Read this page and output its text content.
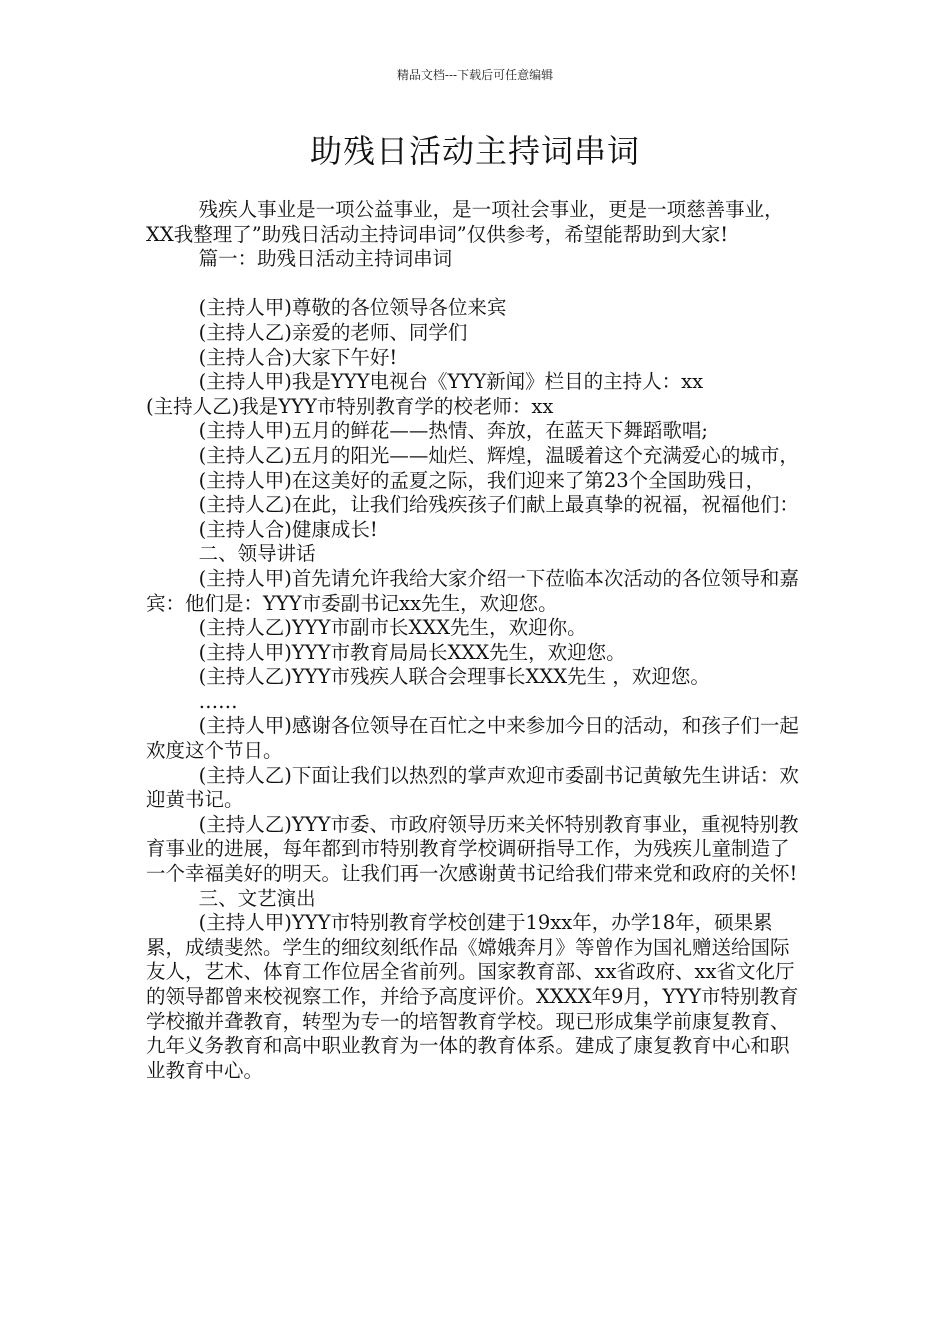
精品文档---下载后可任意编辑
助残日活动主持词串词

残疾人事业是一项公益事业，是一项社会事业，更是一项慈善事业，XX我整理了”助残日活动主持词串词”仅供参考，希望能帮助到大家!

篇一：助残日活动主持词串词

(主持人甲)尊敬的各位领导各位来宾

(主持人乙)亲爱的老师、同学们

(主持人合)大家下午好!

(主持人甲)我是YYY电视台《YYY新闻》栏目的主持人：xx

(主持人乙)我是YYY市特别教育学的校老师：xx

(主持人甲)五月的鲜花——热情、奔放，在蓝天下舞蹈歌唱;

(主持人乙)五月的阳光——灿烂、辉煌，温暖着这个充满爱心的城市，

(主持人甲)在这美好的孟夏之际，我们迎来了第23个全国助残日，

(主持人乙)在此，让我们给残疾孩子们献上最真挚的祝福，祝福他们：

(主持人合)健康成长!

二、领导讲话

(主持人甲)首先请允许我给大家介绍一下莅临本次活动的各位领导和嘉宾：他们是：YYY市委副书记xx先生，欢迎您。

(主持人乙)YYY市副市长XXX先生，欢迎你。

(主持人甲)YYY市教育局局长XXX先生，欢迎您。

(主持人乙)YYY市残疾人联合会理事长XXX先生 ，欢迎您。

……

(主持人甲)感谢各位领导在百忙之中来参加今日的活动，和孩子们一起欢度这个节日。

(主持人乙)下面让我们以热烈的掌声欢迎市委副书记黄敏先生讲话：欢迎黄书记。

(主持人乙)YYY市委、市政府领导历来关怀特别教育事业，重视特别教育事业的进展，每年都到市特别教育学校调研指导工作，为残疾儿童制造了一个幸福美好的明天。让我们再一次感谢黄书记给我们带来党和政府的关怀!

三、文艺演出

(主持人甲)YYY市特别教育学校创建于19xx年，办学18年，硕果累累，成绩斐然。学生的细纹刻纸作品《嫦娥奔月》等曾作为国礼赠送给国际友人，艺术、体育工作位居全省前列。国家教育部、xx省政府、xx省文化厅的领导都曾来校视察工作，并给予高度评价。XXXX年9月，YYY市特别教育学校撤并聋教育，转型为专一的培智教育学校。现已形成集学前康复教育、九年义务教育和高中职业教育为一体的教育体系。建成了康复教育中心和职业教育中心。
